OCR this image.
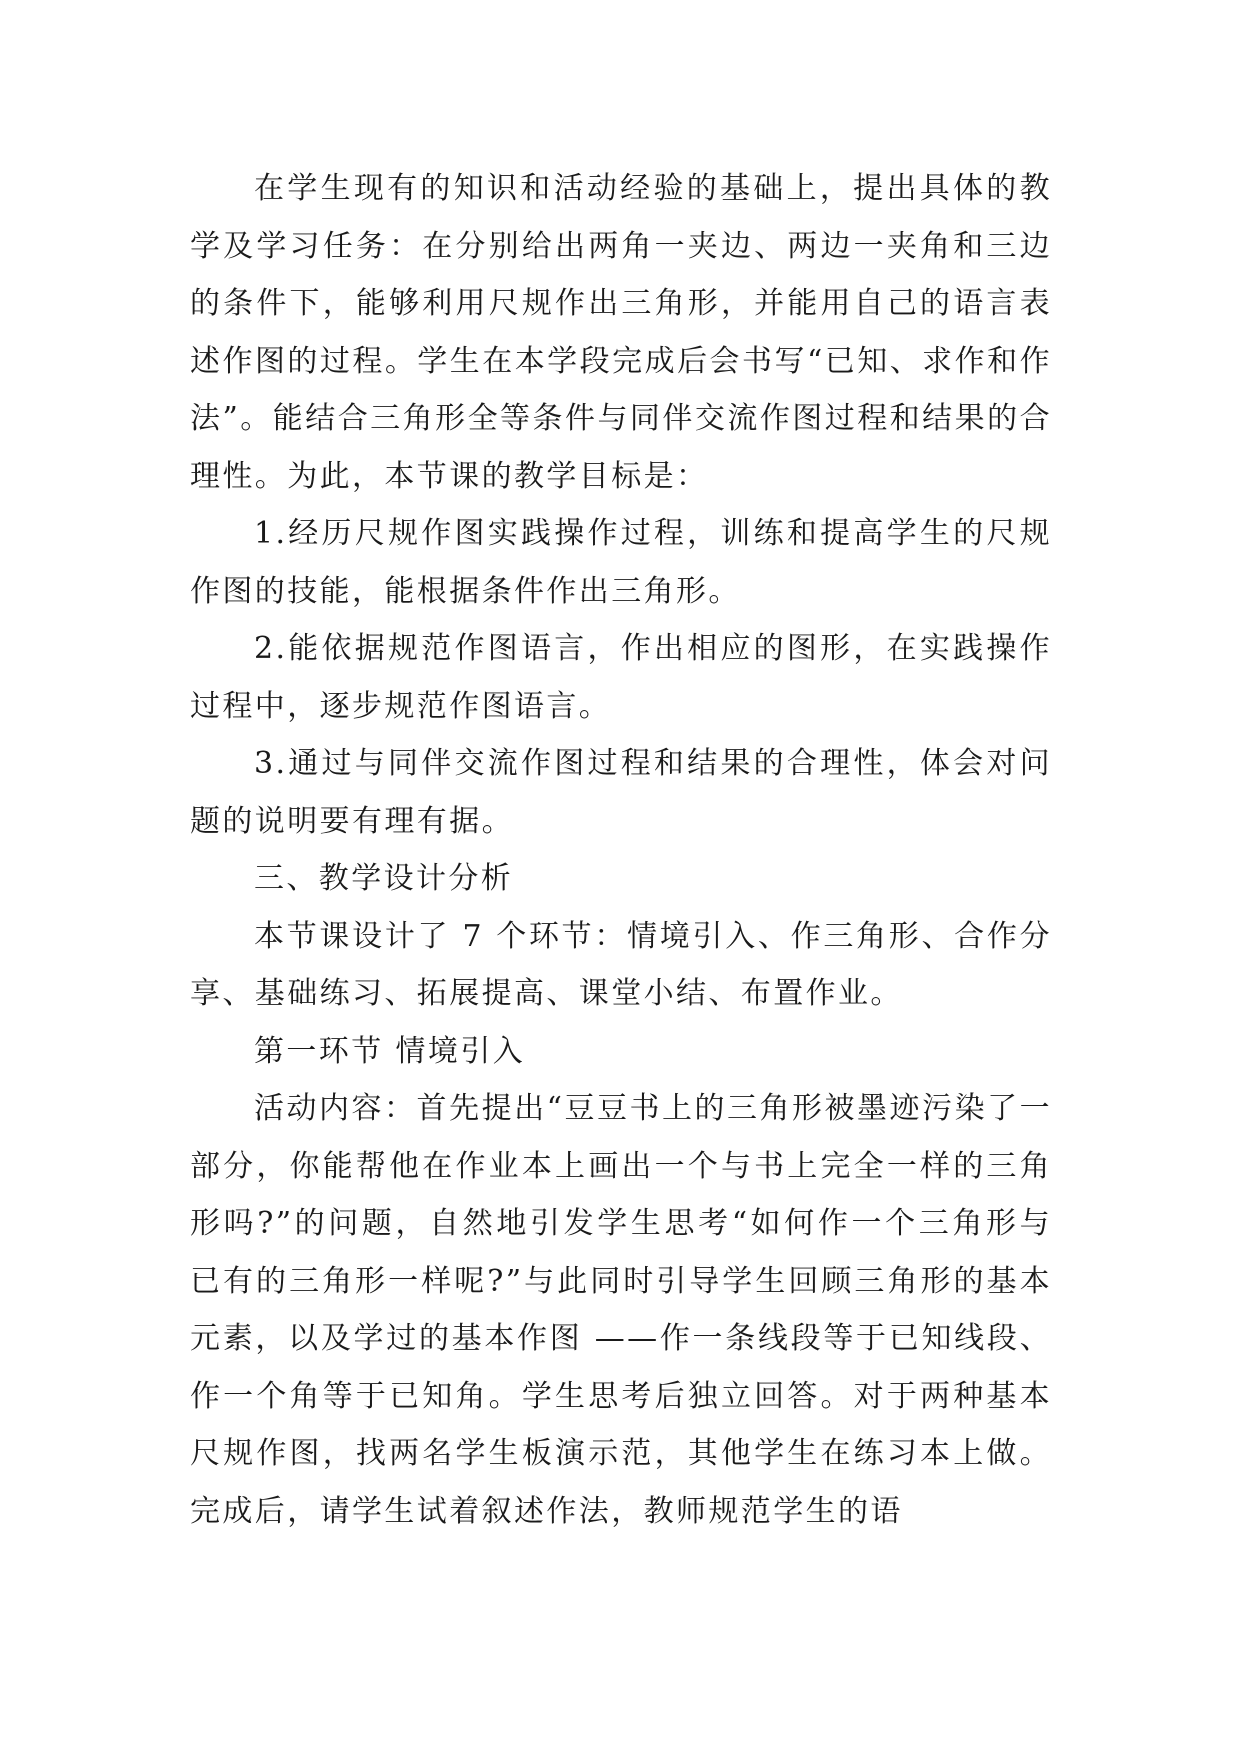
在学生现有的知识和活动经验的基础上，提出具体的教学及学习任务：在分别给出两角一夹边、两边一夹角和三边的条件下，能够利用尺规作出三角形，并能用自己的语言表述作图的过程。学生在本学段完成后会书写“已知、求作和作法”。能结合三角形全等条件与同伴交流作图过程和结果的合理性。为此，本节课的教学目标是：

1.经历尺规作图实践操作过程，训练和提高学生的尺规作图的技能，能根据条件作出三角形。

2.能依据规范作图语言，作出相应的图形，在实践操作过程中，逐步规范作图语言。

3.通过与同伴交流作图过程和结果的合理性，体会对问题的说明要有理有据。

三、教学设计分析

本节课设计了 7 个环节：情境引入、作三角形、合作分享、基础练习、拓展提高、课堂小结、布置作业。

第一环节 情境引入

活动内容：首先提出“豆豆书上的三角形被墨迹污染了一部分，你能帮他在作业本上画出一个与书上完全一样的三角形吗?”的问题，自然地引发学生思考“如何作一个三角形与已有的三角形一样呢?”与此同时引导学生回顾三角形的基本元素，以及学过的基本作图 ——作一条线段等于已知线段、作一个角等于已知角。学生思考后独立回答。对于两种基本尺规作图，找两名学生板演示范，其他学生在练习本上做。完成后，请学生试着叙述作法，教师规范学生的语
